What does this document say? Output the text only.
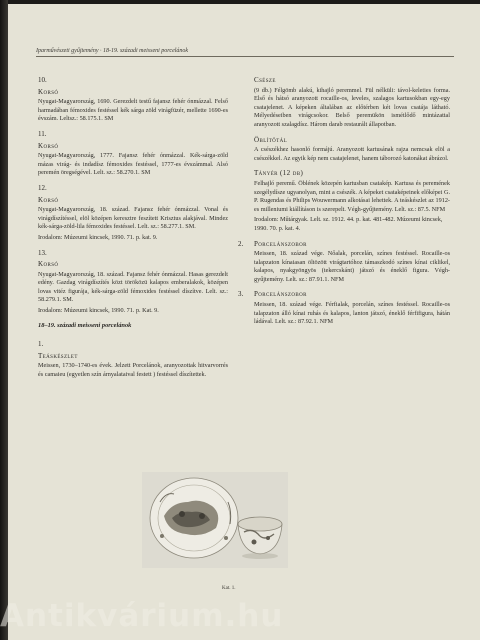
Iparművészeti gyűjtemény · 18-19. századi meisseni porcelánok
10.
Korsó
Nyugat-Magyarország, 1690. Gerezdelt testű fajansz fehér ónmázzal. Felső harmadában fémoxides festéssel kék sárga zöld virágfüzér, mellette 1690-es évszám. Leltsz.: 58.175.1. SM
11.
Korsó
Nyugat-Magyarország, 1777. Fajansz fehér ónmázzal. Kék-sárga-zöld mázas virág- és indadísz fémoxides festéssel, 1777-es évszámmal. Alsó peremén öregségével. Lelt. sz.: 58.270.1. SM
12.
Korsó
Nyugat-Magyarország, 18. század. Fajansz fehér ónmázzal. Vonal és virágdíszítéssel, elöl középen keresztre feszített Krisztus alakjával. Mindez kék-sárga-zöld-lila fémoxides festéssel. Lelt. sz.: 58.277.1. SM.
Irodalom: Múzeumi kincsek, 1990. 71. p. kat. 9.
13.
Korsó
Nyugat-Magyarország, 18. század. Fajansz fehér ónmázzal. Hasas gerezdelt edény. Gazdag virágdíszítés közt töröközü kalapos emberalakok, középen lovas vitéz figurája, kék-sárga-zöld fémoxides festéssel díszítve. Lelt. sz.: 58.279.1. SM.
Irodalom: Múzeumi kincsek, 1990. 71. p. Kat. 9.
18–19. századi meisseni porcelánok
1.
Teáskészlet
Meissen, 1730–1740-es évek. Jelzett Porcelánok, aranyozottak hitvarvorrés és camaieu (egyetlen szín árnyalataival festett ) festéssel díszítettek.
Csésze
(9 db.) Félgömb alakú, kihajló peremmel. Fül nélküli: távol-keleties forma. Első és hátsó aranyozott rocaille-os, leveles, szalagos kartusokban egy-egy csatajelenet. A képeken általában az előtérben két lovas csatája látható. Mélyedéseiben virágcsokor. Belső peremükön ismétlődő mintázattal aranyozott szalagdísz. Három darab restaurált állapotban.
Öblítőtál
A csészékhez hasonló formájú. Aranyozott kartusának rajza nemcsak elöl a csészékkel. Az egyik kép nem csatajelenet, hanem táborozó katonákat ábrázol.
Tányér (12 db)
Felhajló peremű. Öblének közepén kartusban csatakép. Kartusa és peremének szegélydísze ugyanolyan, mint a csészék. A képeket csataképeinek előképei G. P. Rugendas és Philips Wouwermann alkotásai lehettek. A teáskészlet az 1912-es milleniumi kiállításon is szerepelt. Végh-gyűjtemény. Lelt. sz.: 87.5. NFM
Irodalom: Műtárgyak. Lelt. sz. 1912. 44. p. kat. 481-482. Múzeumi kincsek, 1990. 70. p. kat. 4.
2. Porcelánszobor
Meissen, 18. század vége. Nőalak, porcelán, színes festéssel. Rocaille-os talapzaton kínaiasan öltözött virágtartóhoz támaszkodó színes kínai ciklikel, kalapos, nyakgyöngyös (tekercskánt) játszó és éneklő figura. Végh-gyűjtemény. Lelt. sz.: 87.91.1. NFM
3. Porcelánszobor
Meissen, 18. század vége. Férfialak, porcelán, színes festéssel. Rocaille-os talapzaton álló kínai ruhás és kalapos, lanton játszó, éneklő férfifigura, hátán ládával. Lelt. sz.: 87.92.1. NFM
Kat. 1.
Antikvárium.hu
